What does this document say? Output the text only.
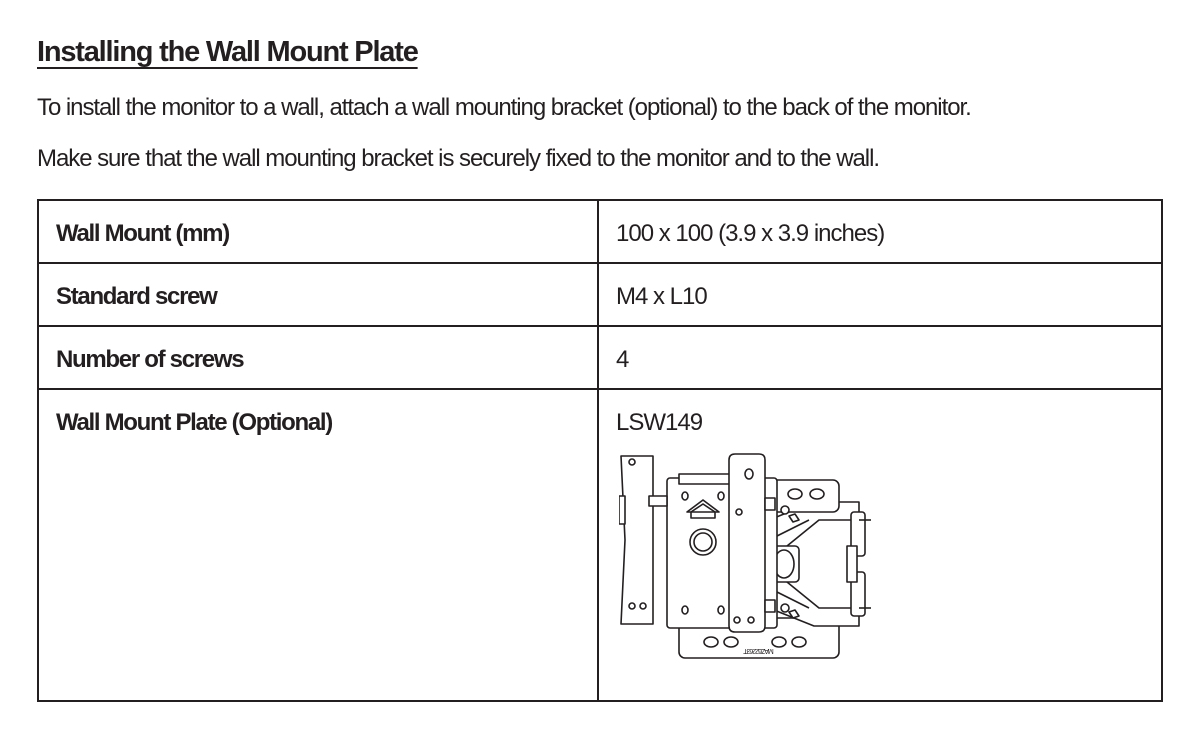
Installing the Wall Mount Plate

To install the monitor to a wall, attach a wall mounting bracket (optional) to the back of the monitor.

Make sure that the wall mounting bracket is securely fixed to the monitor and to the wall.

Wall Mount (mm)	100 x 100 (3.9 x 3.9 inches)

Standard screw	M4 x L10

Number of screws	4

Wall Mount Plate (Optional)	LSW149
MAZ62263T
